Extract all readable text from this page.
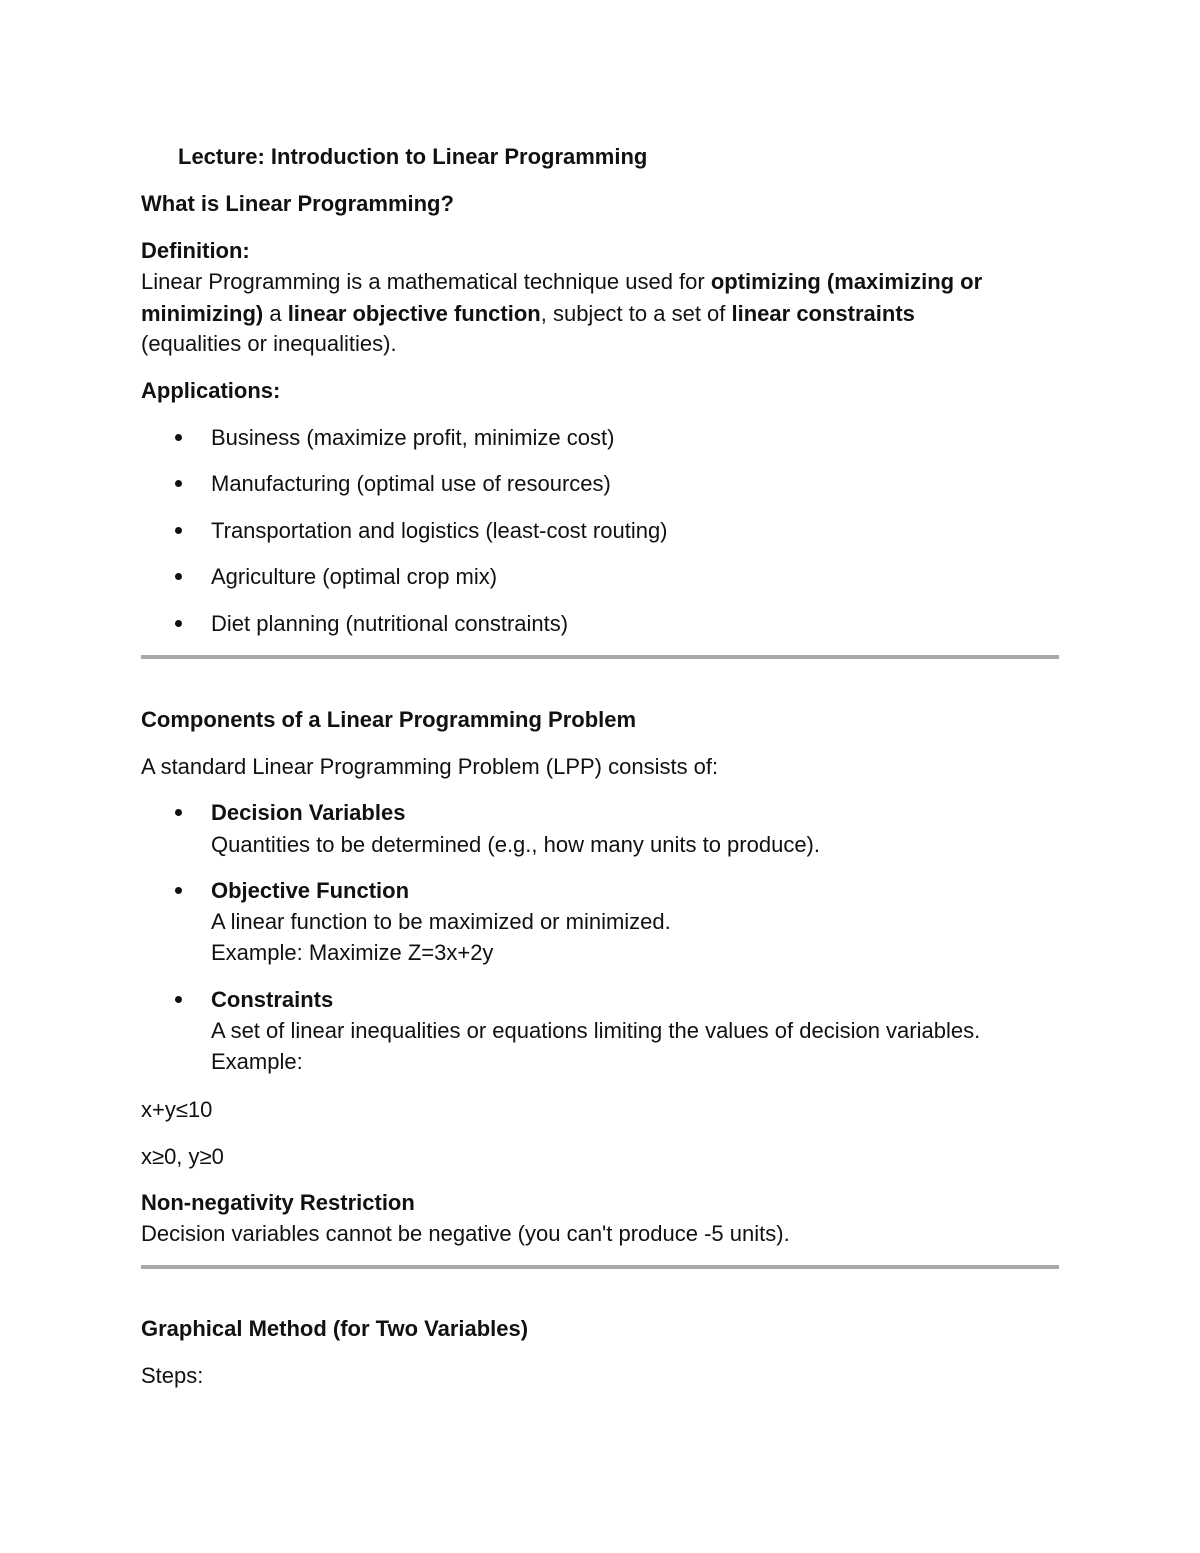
Lecture: Introduction to Linear Programming
What is Linear Programming?
Definition:
Linear Programming is a mathematical technique used for optimizing (maximizing or
minimizing) a linear objective function, subject to a set of linear constraints
(equalities or inequalities).
Applications:
Business (maximize profit, minimize cost)
Manufacturing (optimal use of resources)
Transportation and logistics (least-cost routing)
Agriculture (optimal crop mix)
Diet planning (nutritional constraints)
Components of a Linear Programming Problem
A standard Linear Programming Problem (LPP) consists of:
Decision Variables
Quantities to be determined (e.g., how many units to produce).
Objective Function
A linear function to be maximized or minimized.
Example: Maximize Z=3x+2y
Constraints
A set of linear inequalities or equations limiting the values of decision variables.
Example:
x+y≤10
x≥0, y≥0
Non-negativity Restriction
Decision variables cannot be negative (you can't produce -5 units).
Graphical Method (for Two Variables)
Steps:
